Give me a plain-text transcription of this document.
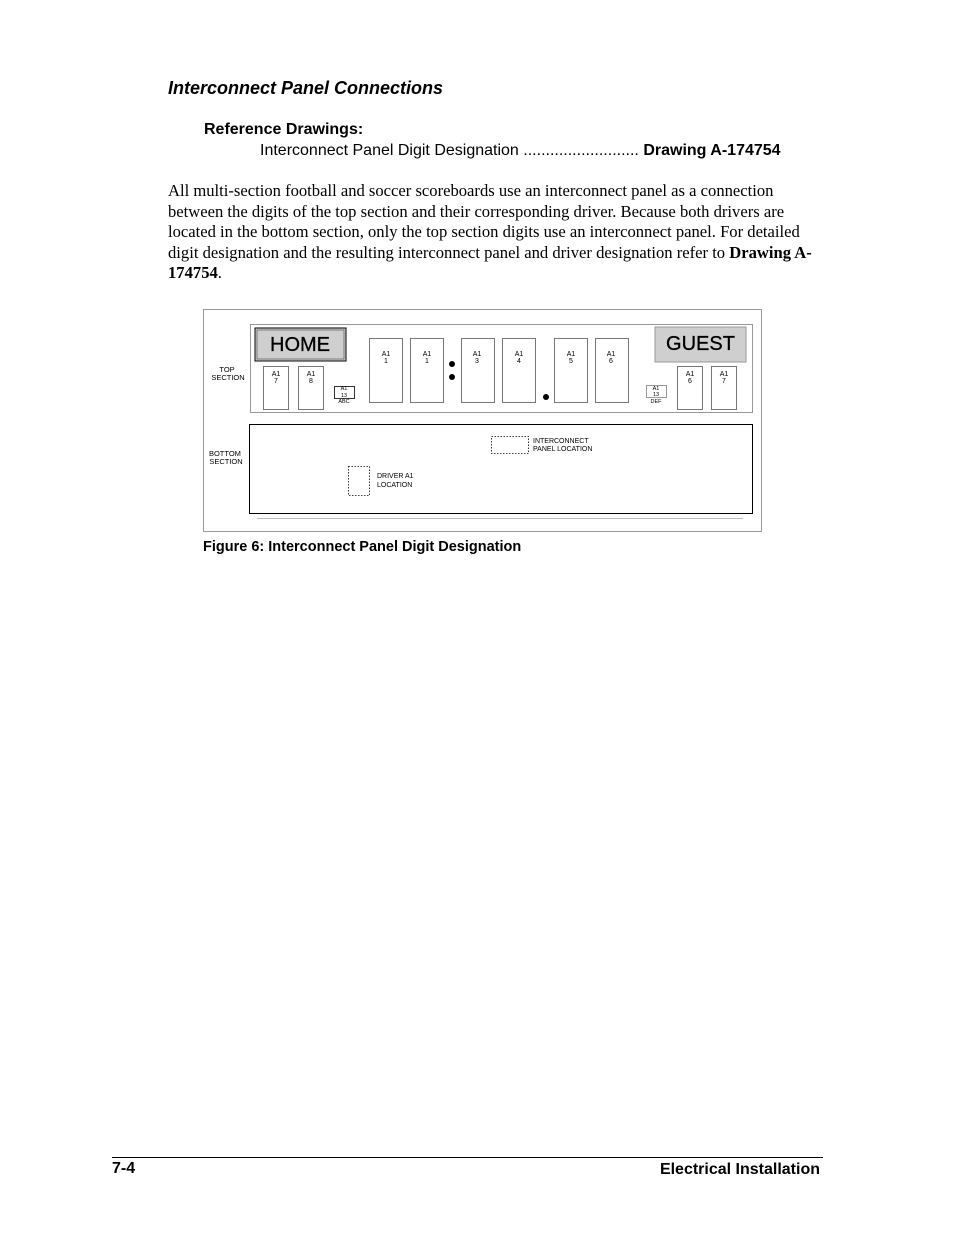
Interconnect Panel Connections
Reference Drawings:
Interconnect Panel Digit Designation .......................... Drawing A-174754
All multi-section football and soccer scoreboards use an interconnect panel as a connection between the digits of the top section and their corresponding driver. Because both drivers are located in the bottom section, only the top section digits use an interconnect panel. For detailed digit designation and the resulting interconnect panel and driver designation refer to Drawing A-174754.
TOP SECTION
HOME	GUEST
A1
7
A1
8
A1
6
A1
7
A1
1
A1
1
A1
3
A1
4
A1
5
A1
6
A1
13
ABC
A1
13
DEF
BOTTOM SECTION
INTERCONNECT
PANEL LOCATION
DRIVER A1
LOCATION
Figure 6: Interconnect Panel Digit Designation
7-4	Electrical Installation
